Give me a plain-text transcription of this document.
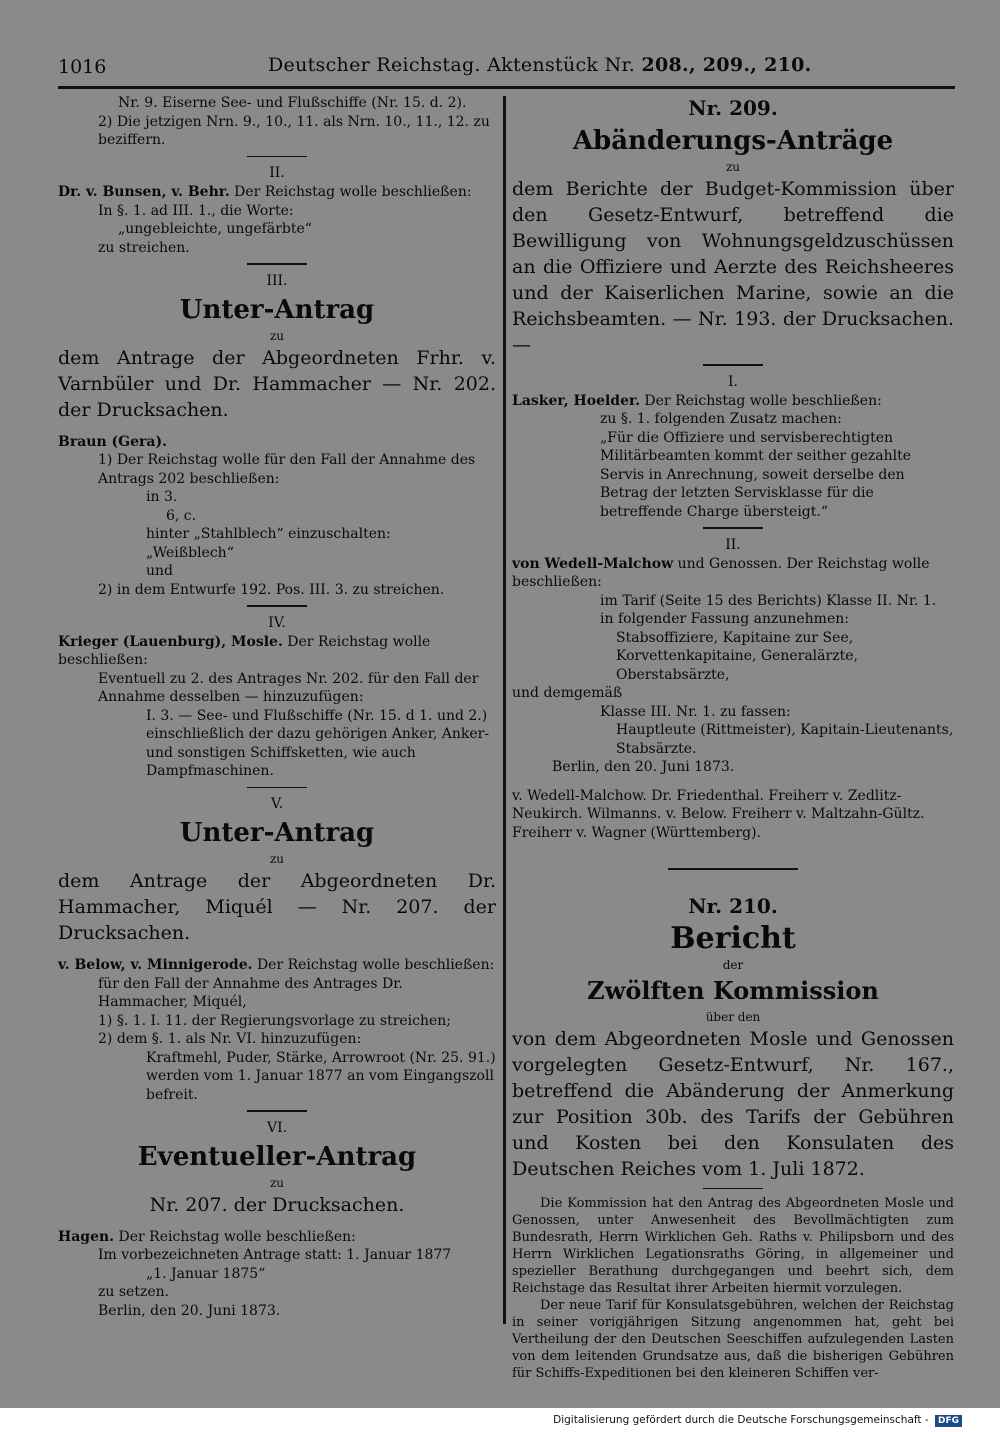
1016	Deutscher Reichstag. Aktenstück Nr. 208., 209., 210.

Nr. 9. Eiserne See- und Flußschiffe (Nr. 15. d. 2).

2) Die jetzigen Nrn. 9., 10., 11. als Nrn. 10., 11., 12. zu beziffern.

II.

Dr. v. Bunsen, v. Behr. Der Reichstag wolle beschließen:

In §. 1. ad III. 1., die Worte:

„ungebleichte, ungefärbte“

zu streichen.

III.

Unter-Antrag

zu

dem Antrage der Abgeordneten Frhr. v. Varnbüler und Dr. Hammacher — Nr. 202. der Drucksachen.

Braun (Gera).

1) Der Reichstag wolle für den Fall der Annahme des Antrags 202 beschließen:

in 3.

6, c.

hinter „Stahlblech“ einzuschalten:

„Weißblech“

und

2) in dem Entwurfe 192. Pos. III. 3. zu streichen.

IV.

Krieger (Lauenburg), Mosle. Der Reichstag wolle beschließen:

Eventuell zu 2. des Antrages Nr. 202. für den Fall der Annahme desselben — hinzuzufügen:

I. 3. — See- und Flußschiffe (Nr. 15. d 1. und 2.) einschließlich der dazu gehörigen Anker, Anker- und sonstigen Schiffsketten, wie auch Dampfmaschinen.

V.

Unter-Antrag

zu

dem Antrage der Abgeordneten Dr. Hammacher, Miquél — Nr. 207. der Drucksachen.

v. Below, v. Minnigerode. Der Reichstag wolle beschließen:

für den Fall der Annahme des Antrages Dr. Hammacher, Miquél,

1) §. 1. I. 11. der Regierungsvorlage zu streichen;

2) dem §. 1. als Nr. VI. hinzuzufügen:

Kraftmehl, Puder, Stärke, Arrowroot (Nr. 25. 91.) werden vom 1. Januar 1877 an vom Eingangszoll befreit.

VI.

Eventueller-Antrag

zu

Nr. 207. der Drucksachen.

Hagen. Der Reichstag wolle beschließen:

Im vorbezeichneten Antrage statt: 1. Januar 1877

„1. Januar 1875“

zu setzen.

Berlin, den 20. Juni 1873.

Nr. 209.

Abänderungs-Anträge

zu

dem Berichte der Budget-Kommission über den Gesetz-Entwurf, betreffend die Bewilligung von Wohnungsgeldzuschüssen an die Offiziere und Aerzte des Reichsheeres und der Kaiserlichen Marine, sowie an die Reichsbeamten. — Nr. 193. der Drucksachen. —

I.

Lasker, Hoelder. Der Reichstag wolle beschließen:

zu §. 1. folgenden Zusatz machen:

„Für die Offiziere und servisberechtigten Militärbeamten kommt der seither gezahlte Servis in Anrechnung, soweit derselbe den Betrag der letzten Servisklasse für die betreffende Charge übersteigt.“

II.

von Wedell-Malchow und Genossen. Der Reichstag wolle beschließen:

im Tarif (Seite 15 des Berichts) Klasse II. Nr. 1. in folgender Fassung anzunehmen:

Stabsoffiziere, Kapitaine zur See, Korvettenkapitaine, Generalärzte, Oberstabsärzte,

und demgemäß

Klasse III. Nr. 1. zu fassen:

Hauptleute (Rittmeister), Kapitain-Lieutenants, Stabsärzte.

Berlin, den 20. Juni 1873.

v. Wedell-Malchow. Dr. Friedenthal. Freiherr v. Zedlitz-Neukirch. Wilmanns. v. Below. Freiherr v. Maltzahn-Gültz. Freiherr v. Wagner (Württemberg).

Nr. 210.

Bericht

der

Zwölften Kommission

über den

von dem Abgeordneten Mosle und Genossen vorgelegten Gesetz-Entwurf, Nr. 167., betreffend die Abänderung der Anmerkung zur Position 30b. des Tarifs der Gebühren und Kosten bei den Konsulaten des Deutschen Reiches vom 1. Juli 1872.

Die Kommission hat den Antrag des Abgeordneten Mosle und Genossen, unter Anwesenheit des Bevollmächtigten zum Bundesrath, Herrn Wirklichen Geh. Raths v. Philipsborn und des Herrn Wirklichen Legationsraths Göring, in allgemeiner und spezieller Berathung durchgegangen und beehrt sich, dem Reichstage das Resultat ihrer Arbeiten hiermit vorzulegen.

Der neue Tarif für Konsulatsgebühren, welchen der Reichstag in seiner vorigjährigen Sitzung angenommen hat, geht bei Vertheilung der den Deutschen Seeschiffen aufzulegenden Lasten von dem leitenden Grundsatze aus, daß die bisherigen Gebühren für Schiffs-Expeditionen bei den kleineren Schiffen ver-

Digitalisierung gefördert durch die Deutsche Forschungsgemeinschaft - DFG
